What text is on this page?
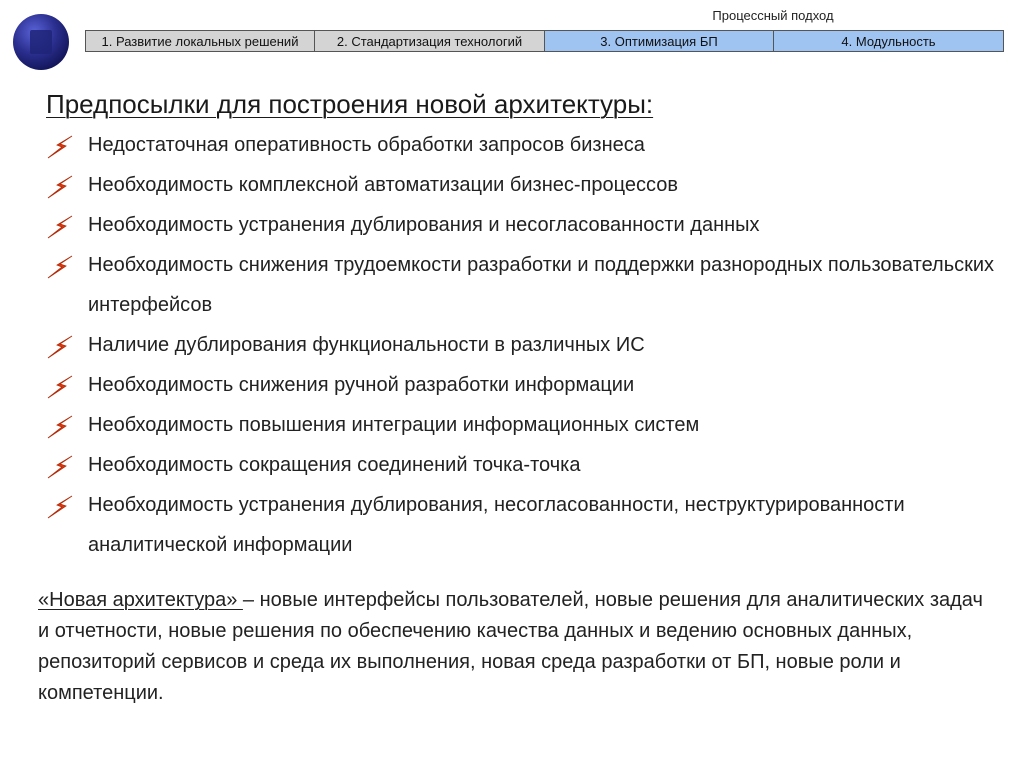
Процессный подход
1. Развитие локальных решений	2. Стандартизация технологий	3. Оптимизация БП	4. Модульность
Предпосылки для построения новой архитектуры:
Недостаточная оперативность обработки запросов бизнеса
Необходимость комплексной автоматизации бизнес-процессов
Необходимость устранения дублирования и несогласованности данных
Необходимость снижения трудоемкости разработки и поддержки разнородных пользовательских интерфейсов
Наличие дублирования функциональности в различных ИС
Необходимость снижения ручной разработки информации
Необходимость повышения интеграции информационных систем
Необходимость сокращения соединений точка-точка
Необходимость устранения дублирования, несогласованности, неструктурированности аналитической информации
«Новая архитектура» – новые интерфейсы пользователей, новые решения для аналитических задач и отчетности, новые решения по обеспечению качества данных и ведению основных данных, репозиторий сервисов и среда их выполнения, новая среда разработки от БП, новые роли и компетенции.
